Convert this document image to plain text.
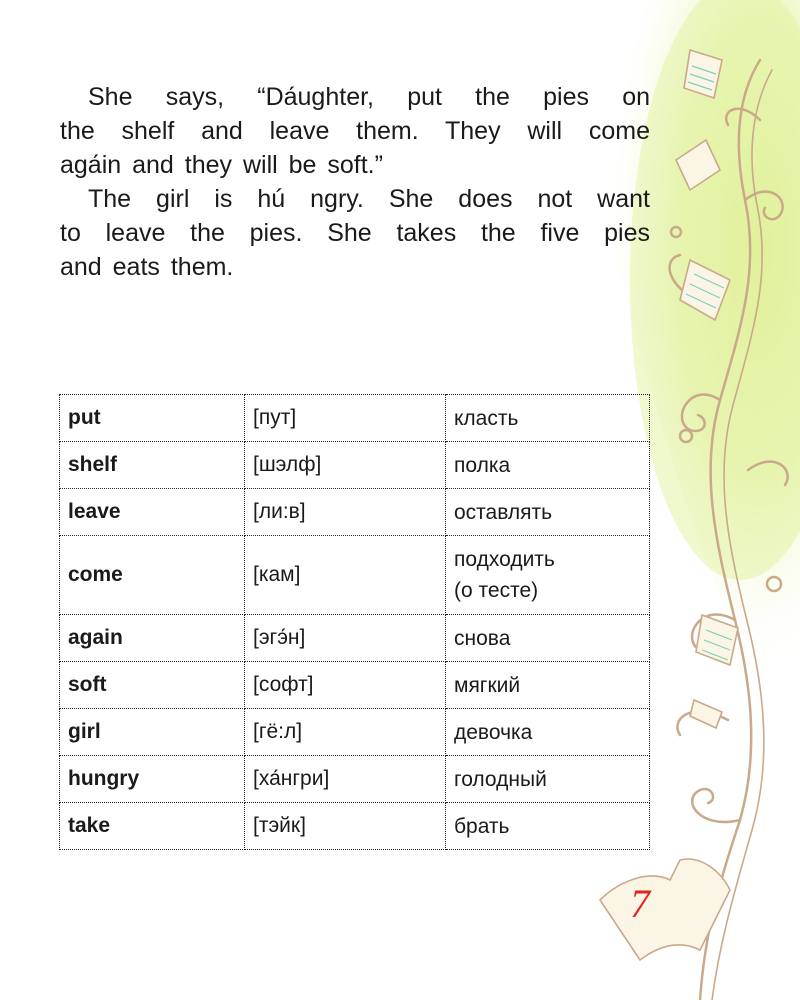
She says, “Dа́ughter, put the pies on
the shelf and leave them. They will come
agа́in and they will be soft.”
The girl is hú ngry. She does not want
to leave the pies. She takes the five pies
and eats them.
put	[пут]	класть
shelf	[шэлф]	полка
leave	[ли:в]	оставлять
come	[кам]	подходить
(о тесте)

again	[эгэ́н]	снова
soft	[софт]	мягкий
girl	[гё:л]	девочка
hungry	[ха́нгри]	голодный
take	[тэйк]	брать
7
